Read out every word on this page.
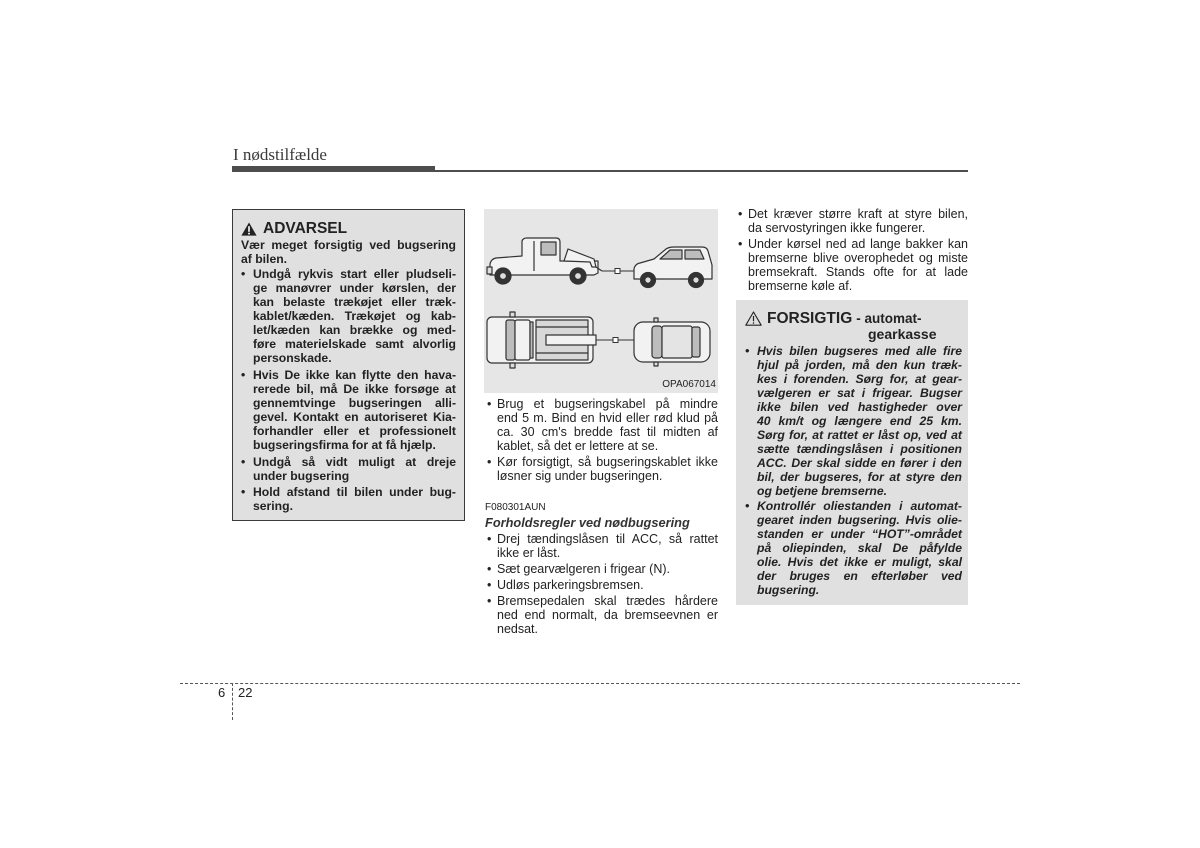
I nødstilfælde
ADVARSEL
Vær meget forsigtig ved bugsering
af bilen.
•
Undgå rykvis start eller pludseli-
ge manøvrer under kørslen, der
kan belaste trækøjet eller træk-
kablet/kæden. Trækøjet og kab-
let/kæden kan brække og med-
føre materielskade samt alvorlig
personskade.
•
Hvis De ikke kan flytte den hava-
rerede bil, må De ikke forsøge at
gennemtvinge bugseringen alli-
gevel. Kontakt en autoriseret Kia-
forhandler eller et professionelt
bugseringsfirma for at få hjælp.
•
Undgå så vidt muligt at dreje
under bugsering
•
Hold afstand til bilen under bug-
sering.
OPA067014
•
Brug et bugseringskabel på mindre
end 5 m. Bind en hvid eller rød klud på
ca. 30 cm's bredde fast til midten af
kablet, så det er lettere at se.
•
Kør forsigtigt, så bugseringskablet ikke
løsner sig under bugseringen.
F080301AUN
Forholdsregler ved nødbugsering
•
Drej tændingslåsen til ACC, så rattet
ikke er låst.
•
Sæt gearvælgeren i frigear (N).
•
Udløs parkeringsbremsen.
•
Bremsepedalen skal trædes hårdere
ned end normalt, da bremseevnen er
nedsat.
•
Det kræver større kraft at styre bilen,
da servostyringen ikke fungerer.
•
Under kørsel ned ad lange bakker kan
bremserne blive overophedet og miste
bremsekraft. Stands ofte for at lade
bremserne køle af.
FORSIGTIG - automat-
gearkasse
•
Hvis bilen bugseres med alle fire
hjul på jorden, må den kun træk-
kes i forenden. Sørg for, at gear-
vælgeren er sat i frigear. Bugser
ikke bilen ved hastigheder over
40 km/t og længere end 25 km.
Sørg for, at rattet er låst op, ved at
sætte tændingslåsen i positionen
ACC. Der skal sidde en fører i den
bil, der bugseres, for at styre den
og betjene bremserne.
•
Kontrollér oliestanden i automat-
gearet inden bugsering. Hvis olie-
standen er under “HOT”-området
på oliepinden, skal De påfylde
olie. Hvis det ikke er muligt, skal
der bruges en efterløber ved
bugsering.
6 22
